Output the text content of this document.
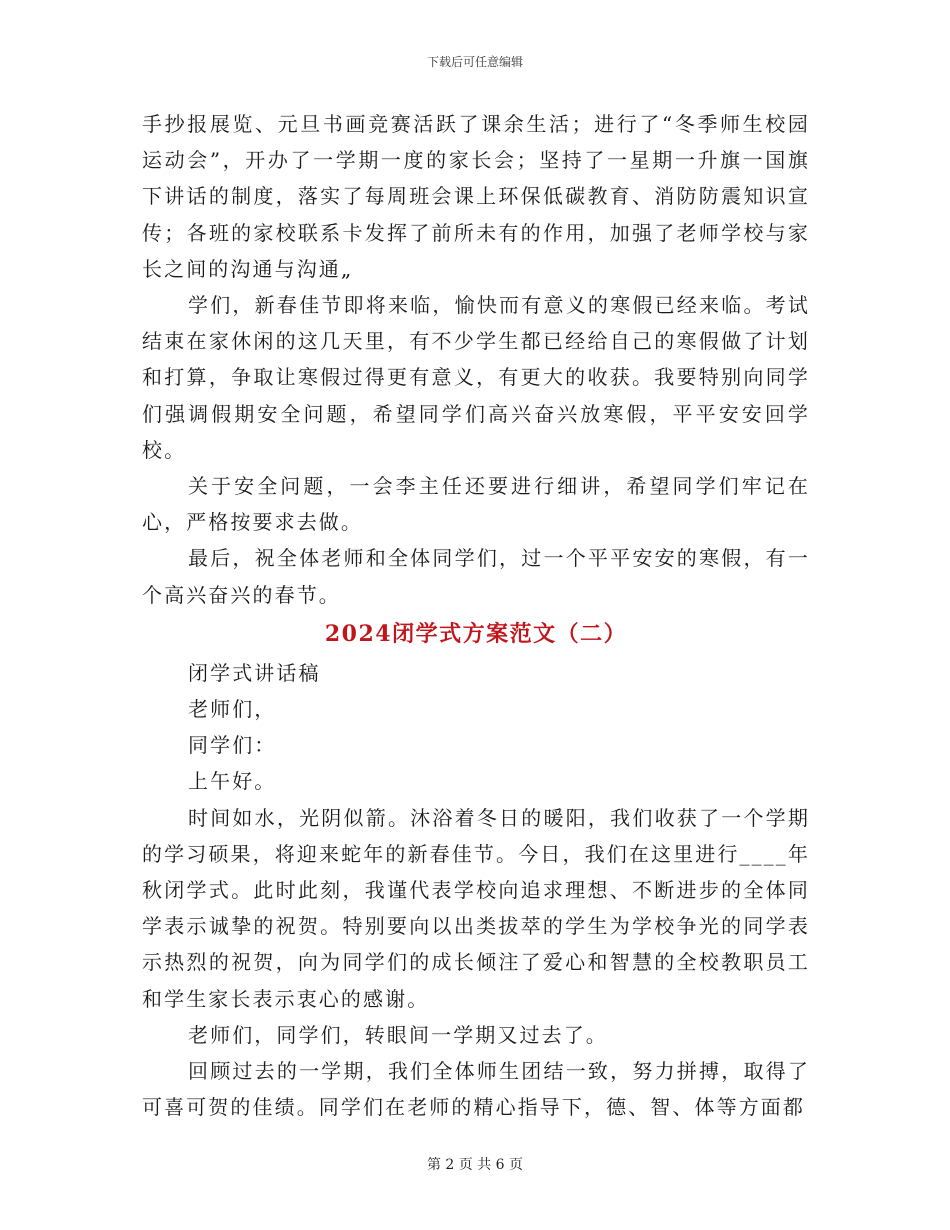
下载后可任意编辑

手抄报展览、元旦书画竞赛活跃了课余生活；进行了“冬季师生校园运动会”，开办了一学期一度的家长会；坚持了一星期一升旗一国旗下讲话的制度，落实了每周班会课上环保低碳教育、消防防震知识宣传；各班的家校联系卡发挥了前所未有的作用，加强了老师学校与家长之间的沟通与沟通„

学们，新春佳节即将来临，愉快而有意义的寒假已经来临。考试结束在家休闲的这几天里，有不少学生都已经给自己的寒假做了计划和打算，争取让寒假过得更有意义，有更大的收获。我要特别向同学们强调假期安全问题，希望同学们高兴奋兴放寒假，平平安安回学校。

关于安全问题，一会李主任还要进行细讲，希望同学们牢记在心，严格按要求去做。

最后，祝全体老师和全体同学们，过一个平平安安的寒假，有一个高兴奋兴的春节。

2024闭学式方案范文（二）

闭学式讲话稿

老师们，

同学们：

上午好。

时间如水，光阴似箭。沐浴着冬日的暖阳，我们收获了一个学期的学习硕果，将迎来蛇年的新春佳节。今日，我们在这里进行____年秋闭学式。此时此刻，我谨代表学校向追求理想、不断进步的全体同学表示诚挚的祝贺。特别要向以出类拔萃的学生为学校争光的同学表示热烈的祝贺，向为同学们的成长倾注了爱心和智慧的全校教职员工和学生家长表示衷心的感谢。

老师们，同学们，转眼间一学期又过去了。

回顾过去的一学期，我们全体师生团结一致，努力拼搏，取得了可喜可贺的佳绩。同学们在老师的精心指导下，德、智、体等方面都

第 2 页 共 6 页
